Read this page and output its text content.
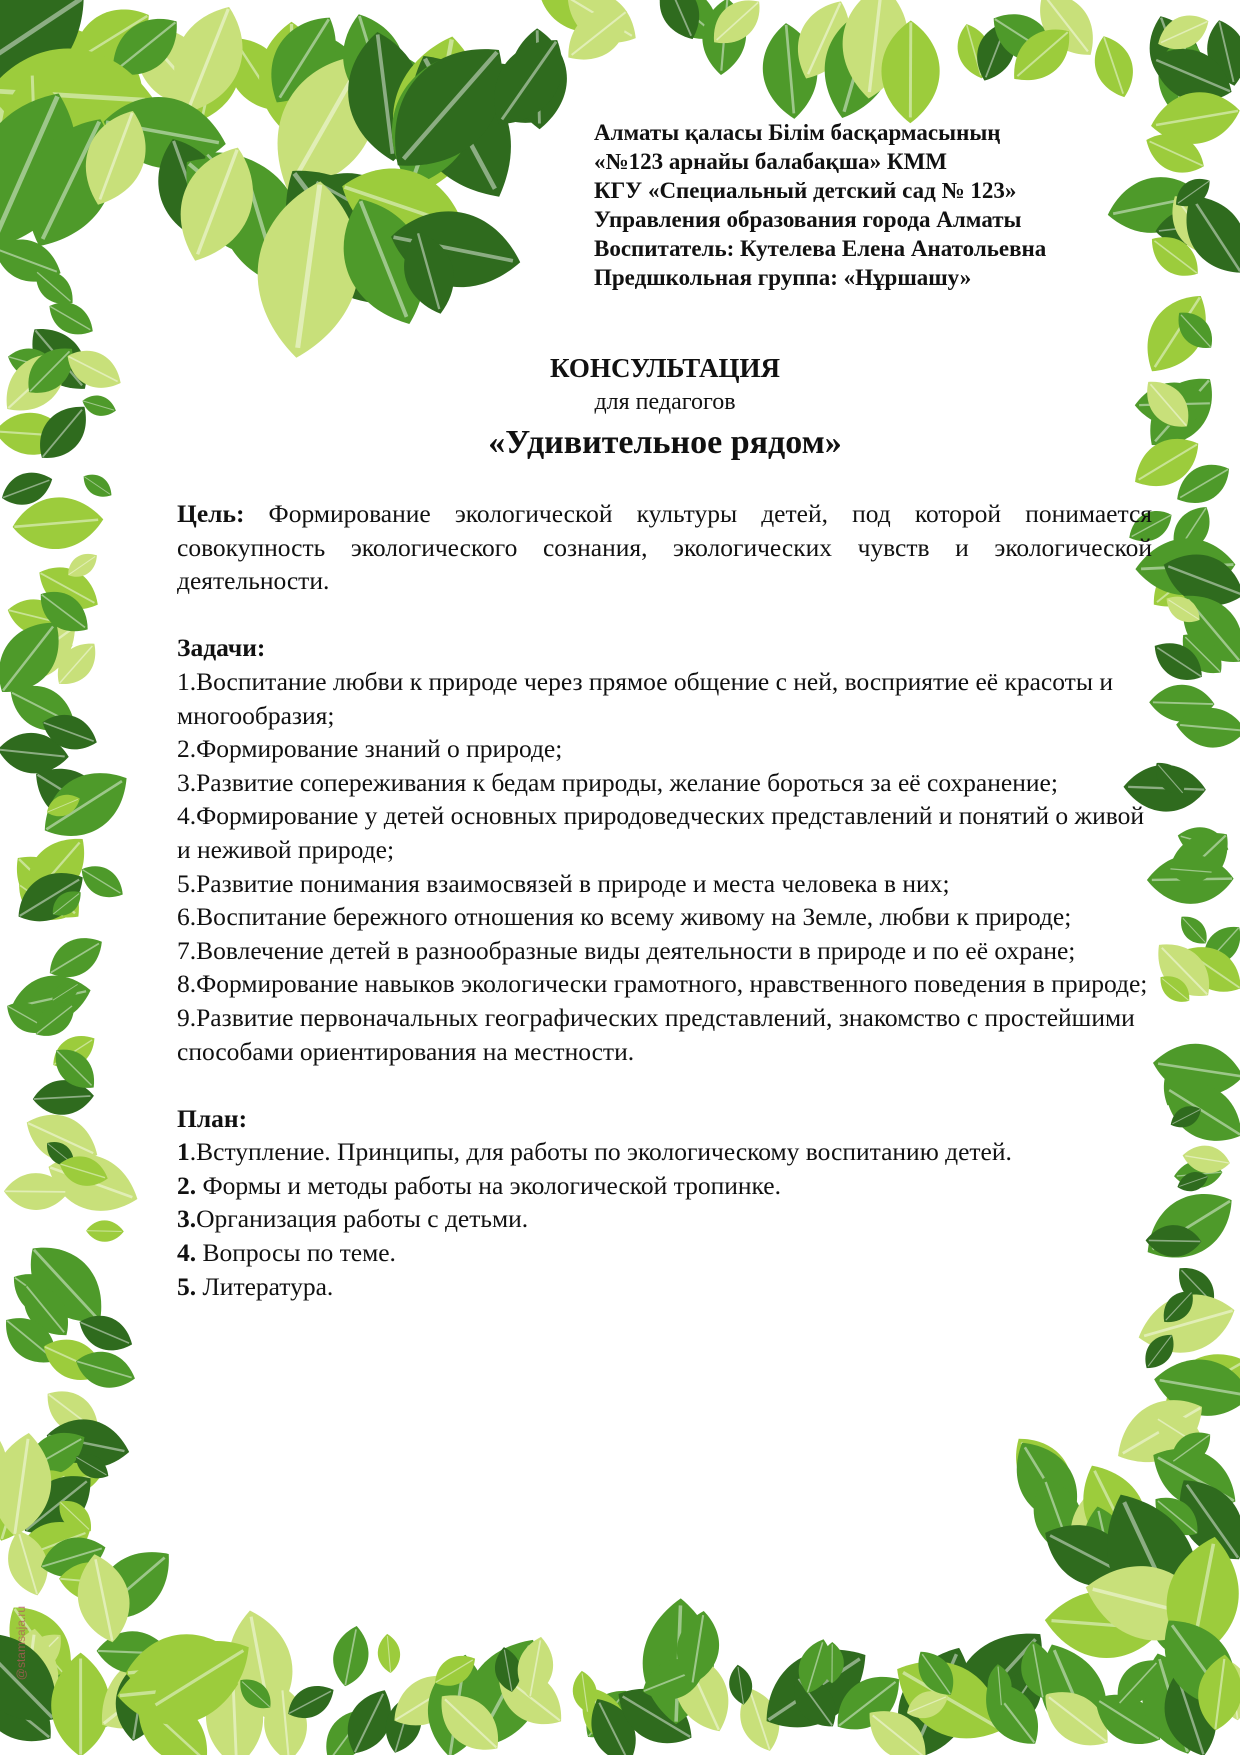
Алматы қаласы Білім басқармасының
«№123 арнайы балабақша» КММ
КГУ «Специальный детский сад № 123»
Управления образования города Алматы
Воспитатель: Кутелева Елена Анатольевна
Предшкольная группа: «Нұршашу»
КОНСУЛЬТАЦИЯ
для педагогов
«Удивительное рядом»
Цель: Формирование экологической культуры детей, под которой понимается совокупность экологического сознания, экологических чувств и экологической деятельности.
Задачи:
1.Воспитание любви к природе через прямое общение с ней, восприятие её красоты и многообразия;
2.Формирование знаний о природе;
3.Развитие сопереживания к бедам природы, желание бороться за её сохранение;
4.Формирование у детей основных природоведческих представлений и понятий о живой и неживой природе;
5.Развитие понимания взаимосвязей в природе и места человека в них;
6.Воспитание бережного отношения ко всему живому на Земле, любви к природе;
7.Вовлечение детей в разнообразные виды деятельности в природе и по её охране;
8.Формирование навыков экологически грамотного, нравственного поведения в природе;
9.Развитие первоначальных географических представлений, знакомство с простейшими способами ориентирования на местности.
План:
1.Вступление. Принципы, для работы по экологическому воспитанию детей.
2. Формы и методы работы на экологической тропинке.
3.Организация работы с детьми.
4. Вопросы по теме.
5. Литература.
@stamsaja.ru
